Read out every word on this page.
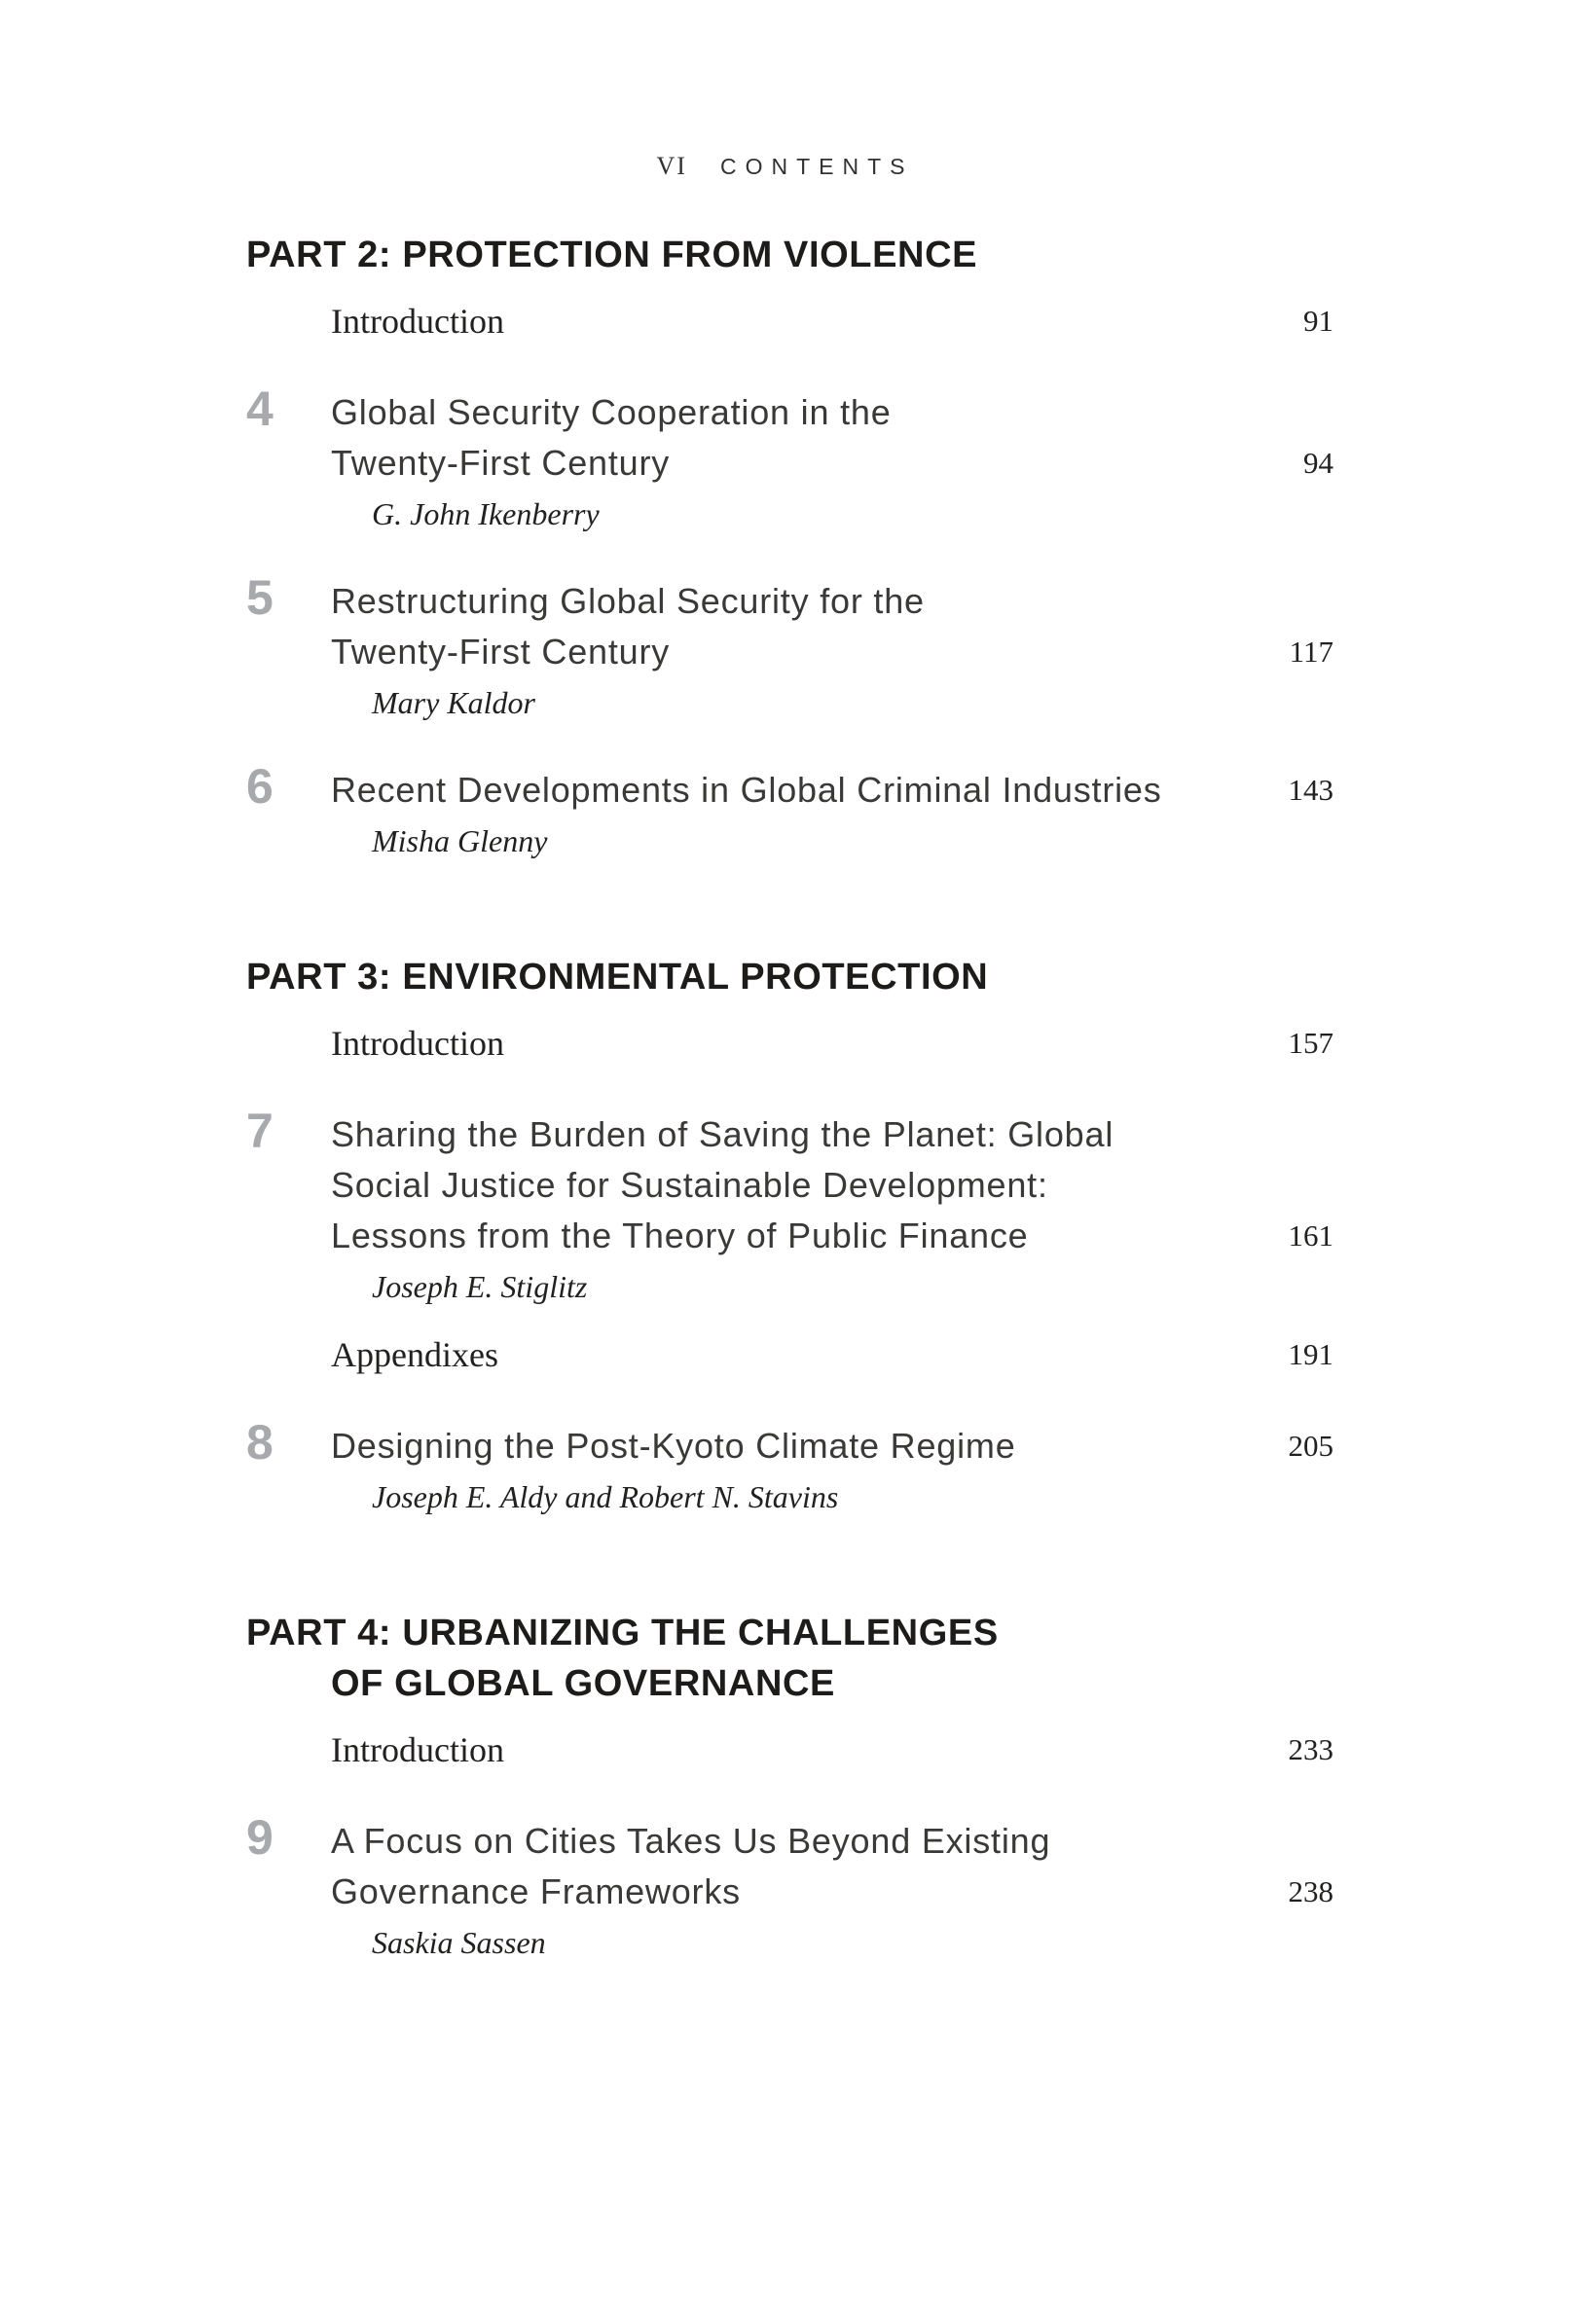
VI CONTENTS
PART 2: PROTECTION FROM VIOLENCE
Introduction	91
4	Global Security Cooperation in the
Twenty-First Century	94
G. John Ikenberry
5	Restructuring Global Security for the
Twenty-First Century	117
Mary Kaldor
6	Recent Developments in Global Criminal Industries	143
Misha Glenny
PART 3: ENVIRONMENTAL PROTECTION
Introduction	157
7	Sharing the Burden of Saving the Planet: Global
Social Justice for Sustainable Development:
Lessons from the Theory of Public Finance	161
Joseph E. Stiglitz
Appendixes	191
8	Designing the Post-Kyoto Climate Regime	205
Joseph E. Aldy and Robert N. Stavins
PART 4: URBANIZING THE CHALLENGES
OF GLOBAL GOVERNANCE
Introduction	233
9	A Focus on Cities Takes Us Beyond Existing
Governance Frameworks	238
Saskia Sassen
